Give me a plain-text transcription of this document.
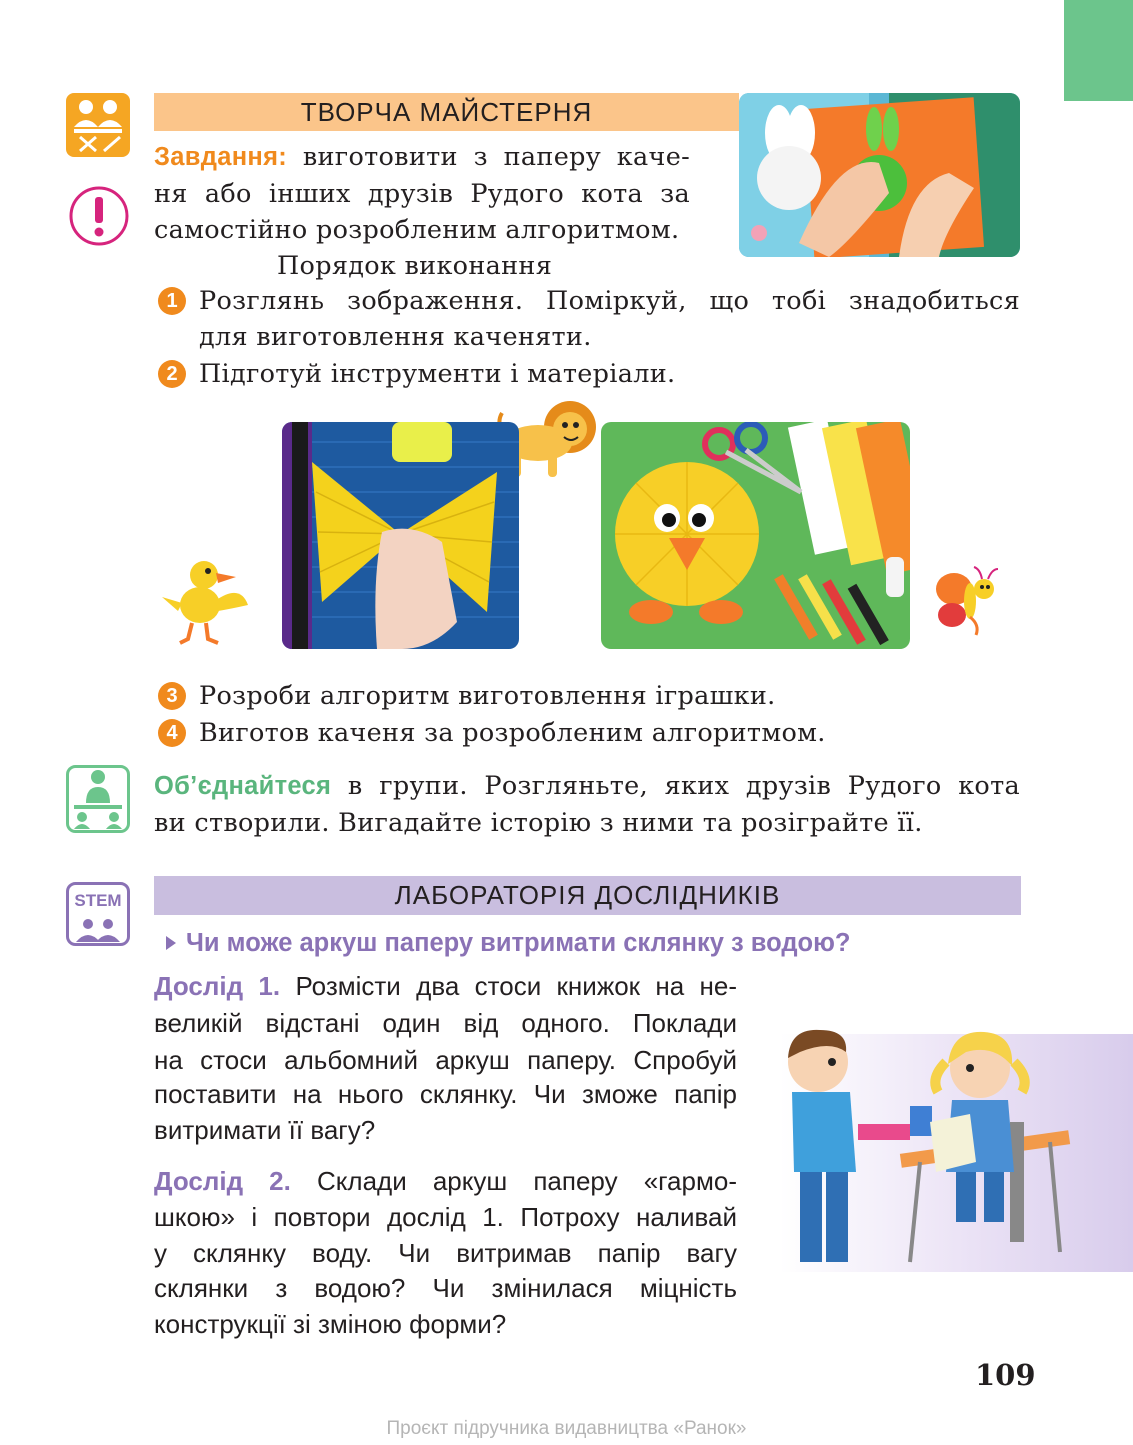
ТВОРЧА МАЙСТЕРНЯ
Завдання: виготовити з паперу каче-
ня або інших друзів Рудого кота за
самостійно розробленим алгоритмом.
Порядок виконання
1 Розглянь зображення. Поміркуй, що тобі знадобиться
для виготовлення каченяти.
2 Підготуй інструменти і матеріали.
3 Розроби алгоритм виготовлення іграшки.
4 Виготов каченя за розробленим алгоритмом.
Об’єднайтеся в групи. Розгляньте, яких друзів Рудого кота
ви створили. Вигадайте історію з ними та розіграйте її.
STEM	ЛАБОРАТОРІЯ ДОСЛІДНИКІВ
Чи може аркуш паперу витримати склянку з водою?
Дослід 1. Розмісти два стоси книжок на не-
великій відстані один від одного. Поклади
на стоси альбомний аркуш паперу. Спробуй
поставити на нього склянку. Чи зможе папір
витримати її вагу?
Дослід 2. Склади аркуш паперу «гармо-
шкою» і повтори дослід 1. Потроху наливай
у склянку воду. Чи витримав папір вагу
склянки з водою? Чи змінилася міцність
конструкції зі зміною форми?
109
Проєкт підручника видавництва «Ранок»
